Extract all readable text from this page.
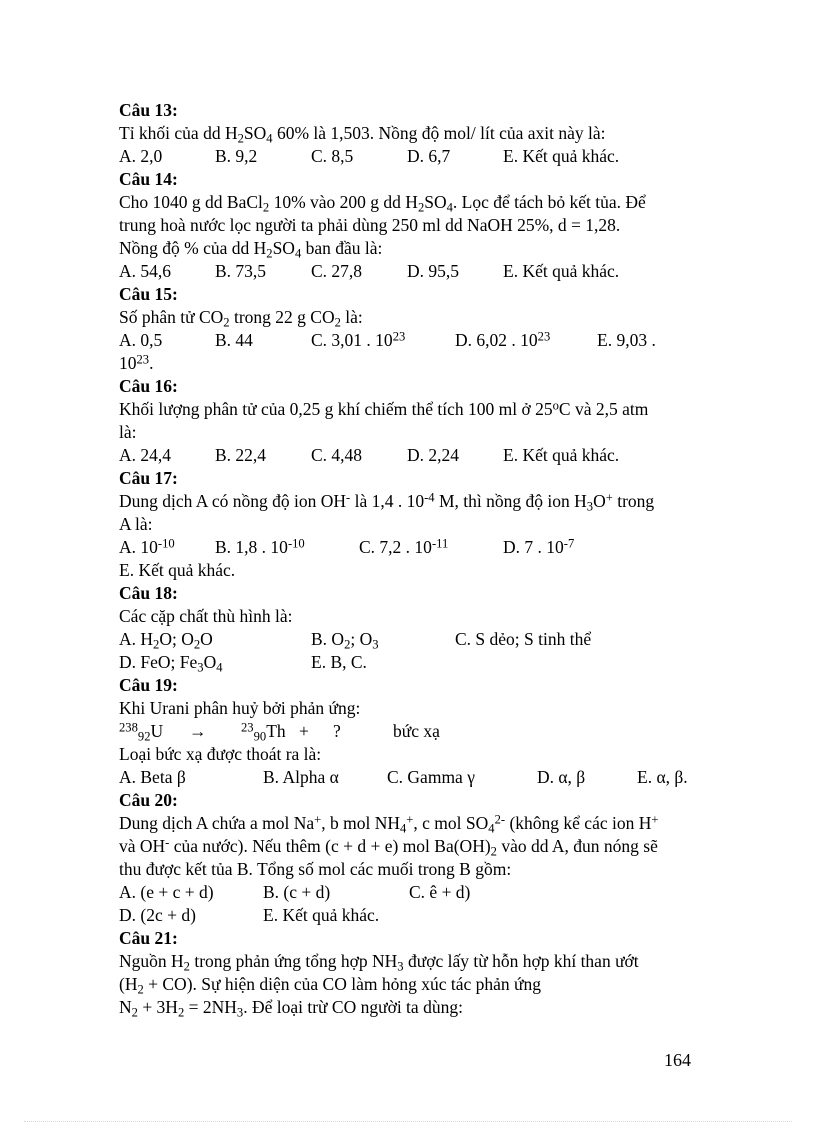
Câu 13:
Tỉ khối của dd $H_2SO_4$ 60% là 1,503. Nồng độ mol/ lít của axit này là:
A. 2,0	B. 9,2	C. 8,5	D. 6,7	E. Kết quả khác.
Câu 14:
Cho 1040 g dd BaCl$_2$ 10% vào 200 g dd $H_2SO_4$. Lọc để tách bỏ kết tủa. Để
trung hoà nước lọc người ta phải dùng 250 ml dd NaOH 25%, d = 1,28.
Nồng độ % của dd $H_2SO_4$ ban đầu là:
A. 54,6	B. 73,5	C. 27,8	D. 95,5	E. Kết quả khác.
Câu 15:
Số phân tử $CO_2$ trong 22 g $CO_2$ là:
A. 0,5	B. 44	C. 3,01 . $10^{23}$	D. 6,02 . $10^{23}$	E. 9,03 .
$10^{23}$.
Câu 16:
Khối lượng phân tử của 0,25 g khí chiếm thể tích 100 ml ở 25$^o$C và 2,5 atm
là:
A. 24,4	B. 22,4	C. 4,48	D. 2,24	E. Kết quả khác.
Câu 17:
Dung dịch A có nồng độ ion OH- là 1,4 . $10^{-4}$ M, thì nồng độ ion $H_3O^+$ trong
A là:
A. $10^{-10}$ B. 1,8 . $10^{-10}$	C. 7,2 . $10^{-11}$	D. 7 . $10^{-7}$
E. Kết quả khác.
Câu 18:
Các cặp chất thù hình là:
A. $H_2O$; $O_2O$	B. $O_2$; $O_3$	C. S dẻo; S tinh thể
D. FeO; $Fe_3O_4$	E. B, C.
Câu 19:
Khi Urani phân huỷ bởi phản ứng:
$^{238}_{92}$U →	$^{23}_{90}$Th + ?	bức xạ
Loại bức xạ được thoát ra là:
A. Beta β	B. Alpha α	C. Gamma γ	D. α, β	E. α, β.
Câu 20:
Dung dịch A chứa a mol Na+, b mol $NH_4^+$, c mol $SO_4^{2-}$ (không kể các ion H+
và OH- của nước). Nếu thêm (c + d + e) mol $Ba(OH)_2$ vào dd A, đun nóng sẽ
thu được kết tủa B. Tổng số mol các muối trong B gồm:
A. (e + c + d)	B. (c + d)	C. ê + d)
D. (2c + d)	E. Kết quả khác.
Câu 21:
Nguồn $H_2$ trong phản ứng tổng hợp $NH_3$ được lấy từ hỗn hợp khí than ướt
$(H_2 + CO)$. Sự hiện diện của CO làm hỏng xúc tác phản ứng
$N_2 + 3H_2 = 2NH_3$. Để loại trừ CO người ta dùng:
164
